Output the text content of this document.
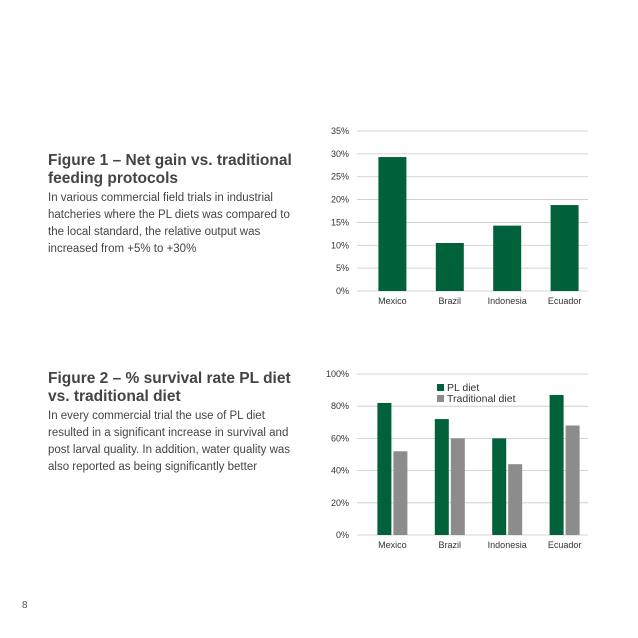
Figure 1 – Net gain vs. traditional feeding protocols

In various commercial field trials in industrial hatcheries where the PL diets was compared to the local standard, the relative output was increased from +5% to +30%

Figure 2 – % survival rate PL diet vs. traditional diet

In every commercial trial the use of PL diet resulted in a significant increase in survival and post larval quality. In addition, water quality was also reported as being significantly better

0%
5%
10%
15%
20%
25%
30%
35%
Mexico	Brazil	Indonesia Ecuador
0%
20%
40%
60%
80%
100%
Mexico	Brazil	Indonesia Ecuador
PL diet
Traditional diet
8
